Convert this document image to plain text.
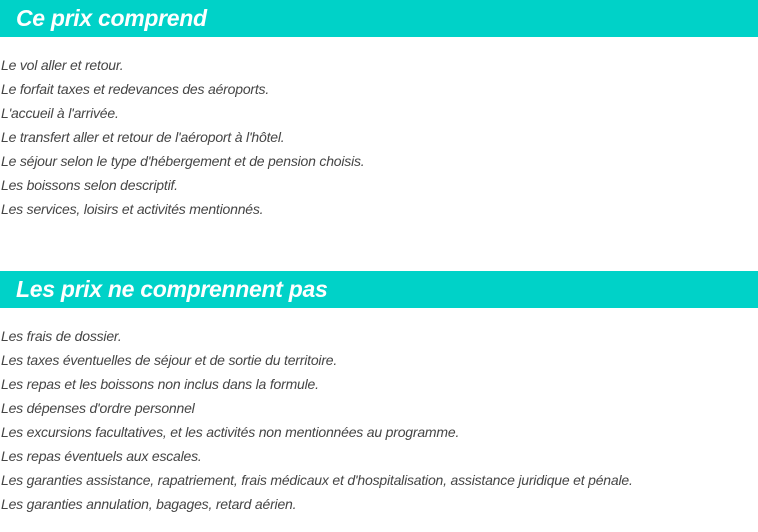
Ce prix comprend
Le vol aller et retour.
Le forfait taxes et redevances des aéroports.
L'accueil à l'arrivée.
Le transfert aller et retour de l'aéroport à l'hôtel.
Le séjour selon le type d'hébergement et de pension choisis.
Les boissons selon descriptif.
Les services, loisirs et activités mentionnés.
Les prix ne comprennent pas
Les frais de dossier.
Les taxes éventuelles de séjour et de sortie du territoire.
Les repas et les boissons non inclus dans la formule.
Les dépenses d'ordre personnel
Les excursions facultatives, et les activités non mentionnées au programme.
Les repas éventuels aux escales.
Les garanties assistance, rapatriement, frais médicaux et d'hospitalisation, assistance juridique et pénale.
Les garanties annulation, bagages, retard aérien.
